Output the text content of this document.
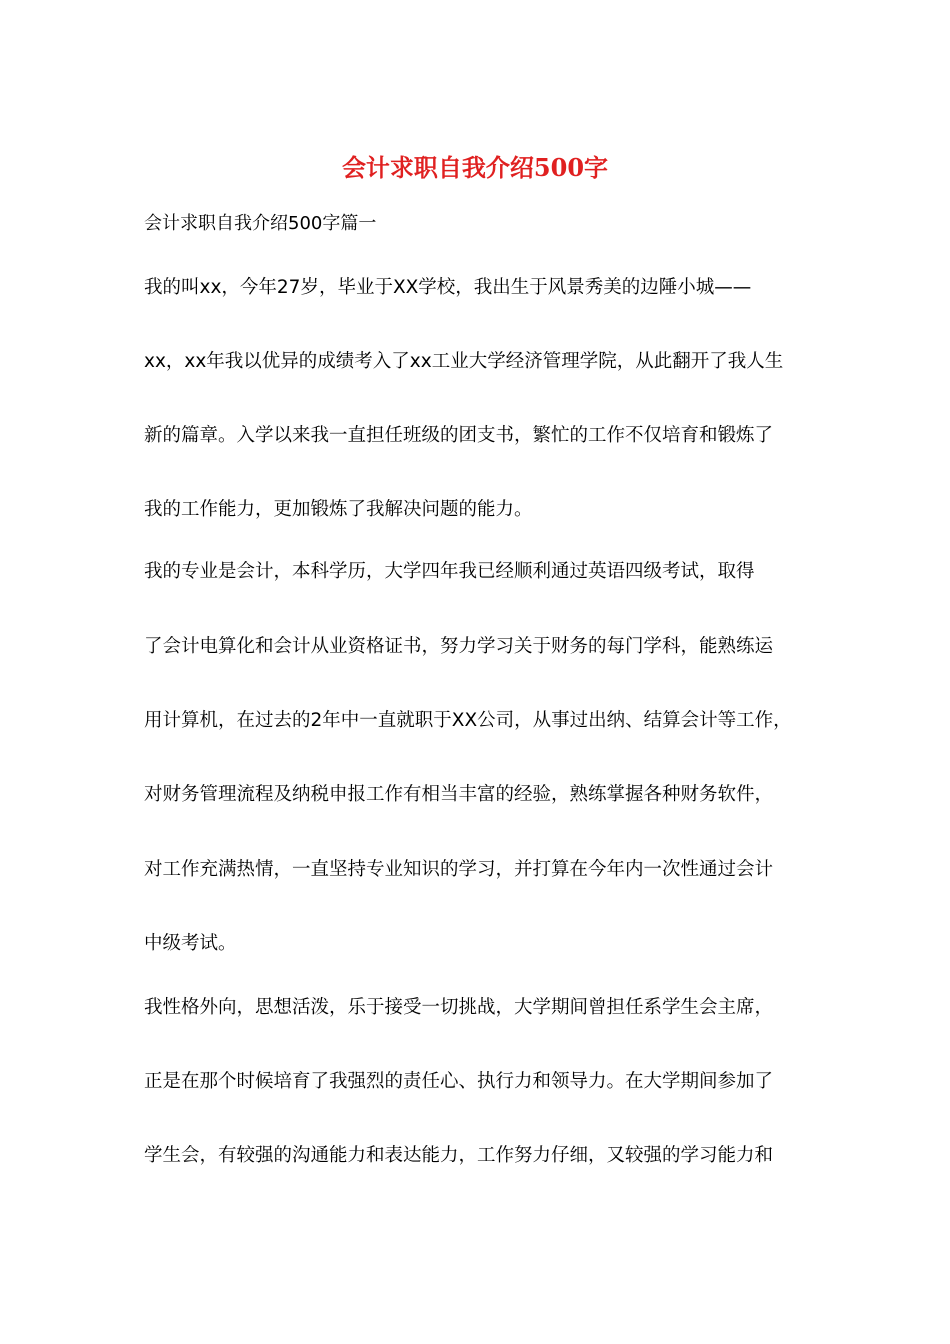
会计求职自我介绍500字

会计求职自我介绍500字篇一

我的叫xx，今年27岁，毕业于XX学校，我出生于风景秀美的边陲小城——

xx，xx年我以优异的成绩考入了xx工业大学经济管理学院，从此翻开了我人生

新的篇章。入学以来我一直担任班级的团支书，繁忙的工作不仅培育和锻炼了

我的工作能力，更加锻炼了我解决问题的能力。

我的专业是会计，本科学历，大学四年我已经顺利通过英语四级考试，取得

了会计电算化和会计从业资格证书，努力学习关于财务的每门学科，能熟练运

用计算机，在过去的2年中一直就职于XX公司，从事过出纳、结算会计等工作，

对财务管理流程及纳税申报工作有相当丰富的经验，熟练掌握各种财务软件，

对工作充满热情，一直坚持专业知识的学习，并打算在今年内一次性通过会计

中级考试。

我性格外向，思想活泼，乐于接受一切挑战，大学期间曾担任系学生会主席，

正是在那个时候培育了我强烈的责任心、执行力和领导力。在大学期间参加了

学生会，有较强的沟通能力和表达能力，工作努力仔细，又较强的学习能力和
